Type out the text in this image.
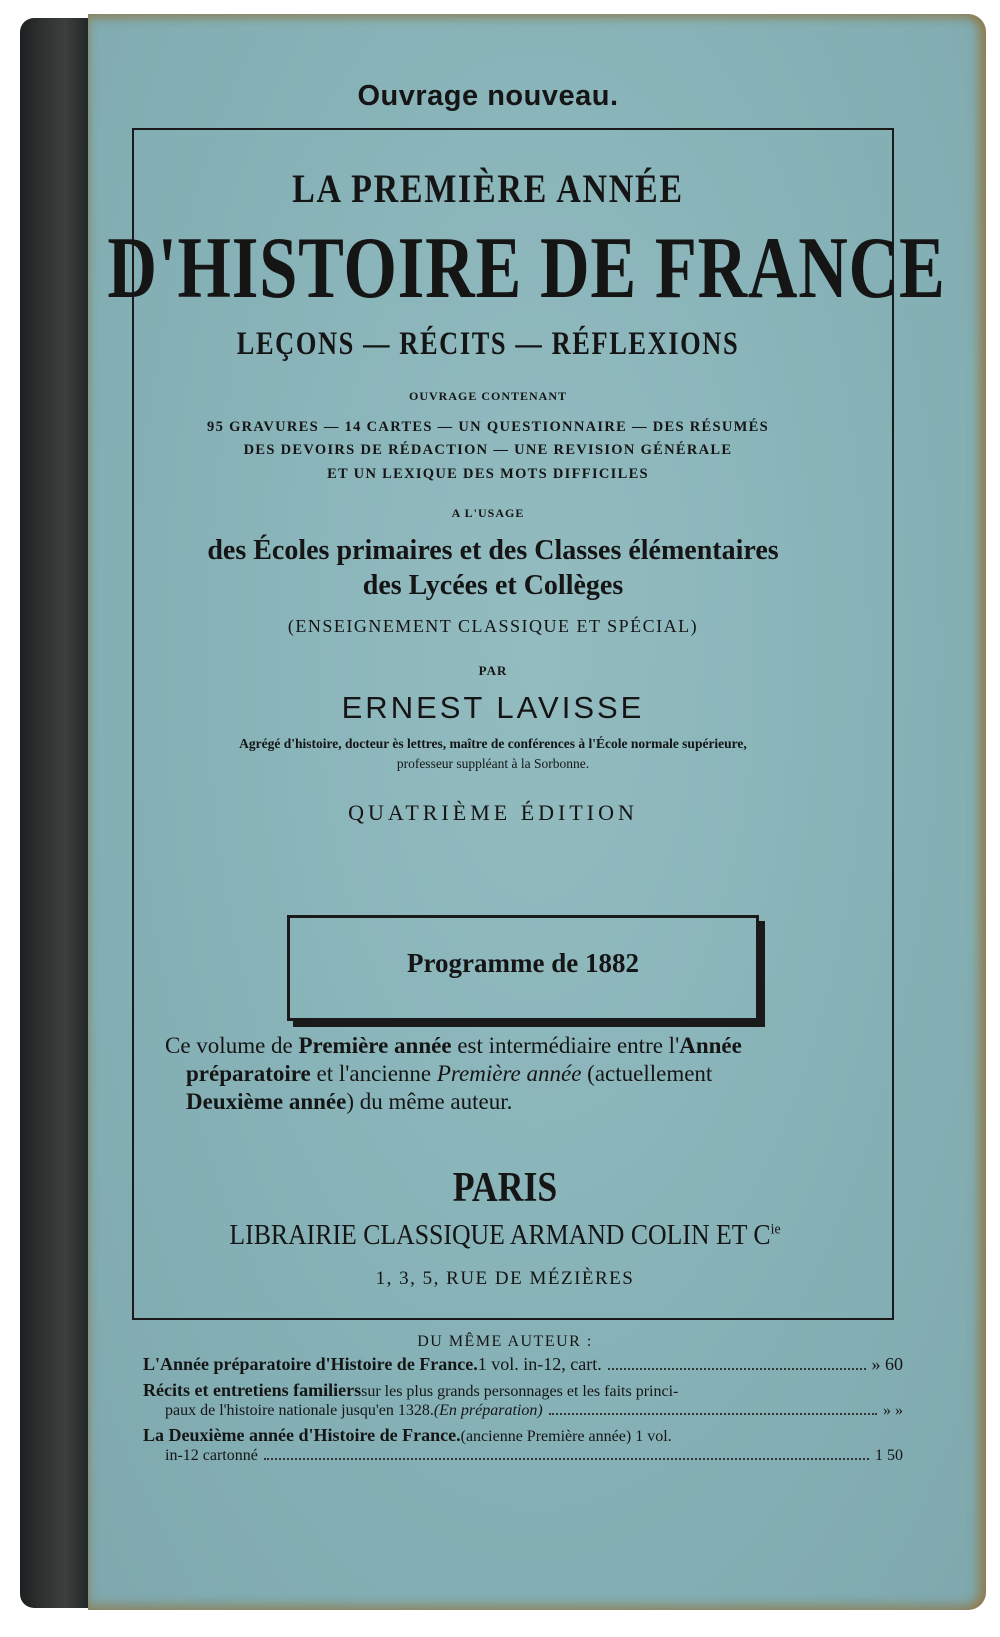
Ouvrage nouveau.
LA PREMIÈRE ANNÉE
D'HISTOIRE DE FRANCE
LEÇONS — RÉCITS — RÉFLEXIONS
OUVRAGE CONTENANT
95 GRAVURES — 14 CARTES — UN QUESTIONNAIRE — DES RÉSUMÉS
DES DEVOIRS DE RÉDACTION — UNE REVISION GÉNÉRALE
ET UN LEXIQUE DES MOTS DIFFICILES
A L'USAGE
des Écoles primaires et des Classes élémentaires
des Lycées et Collèges
(ENSEIGNEMENT CLASSIQUE ET SPÉCIAL)
PAR
ERNEST LAVISSE
Agrégé d'histoire, docteur ès lettres, maître de conférences à l'École normale supérieure,
professeur suppléant à la Sorbonne.
QUATRIÈME ÉDITION
Programme de 1882
Ce volume de Première année est intermédiaire entre l'Année
préparatoire et l'ancienne Première année (actuellement
Deuxième année) du même auteur.
PARIS
LIBRAIRIE CLASSIQUE ARMAND COLIN ET $C^{ie}$
1, 3, 5, RUE DE MÉZIÈRES
DU MÊME AUTEUR :
L'Année préparatoire d'Histoire de France. 1 vol. in-12, cart.	» 60
Récits et entretiens familiers sur les plus grands personnages et les faits princi-
paux de l'histoire nationale jusqu'en 1328. (En préparation)	» »
La Deuxième année d'Histoire de France. (ancienne Première année) 1 vol.
in-12 cartonné	1 50
